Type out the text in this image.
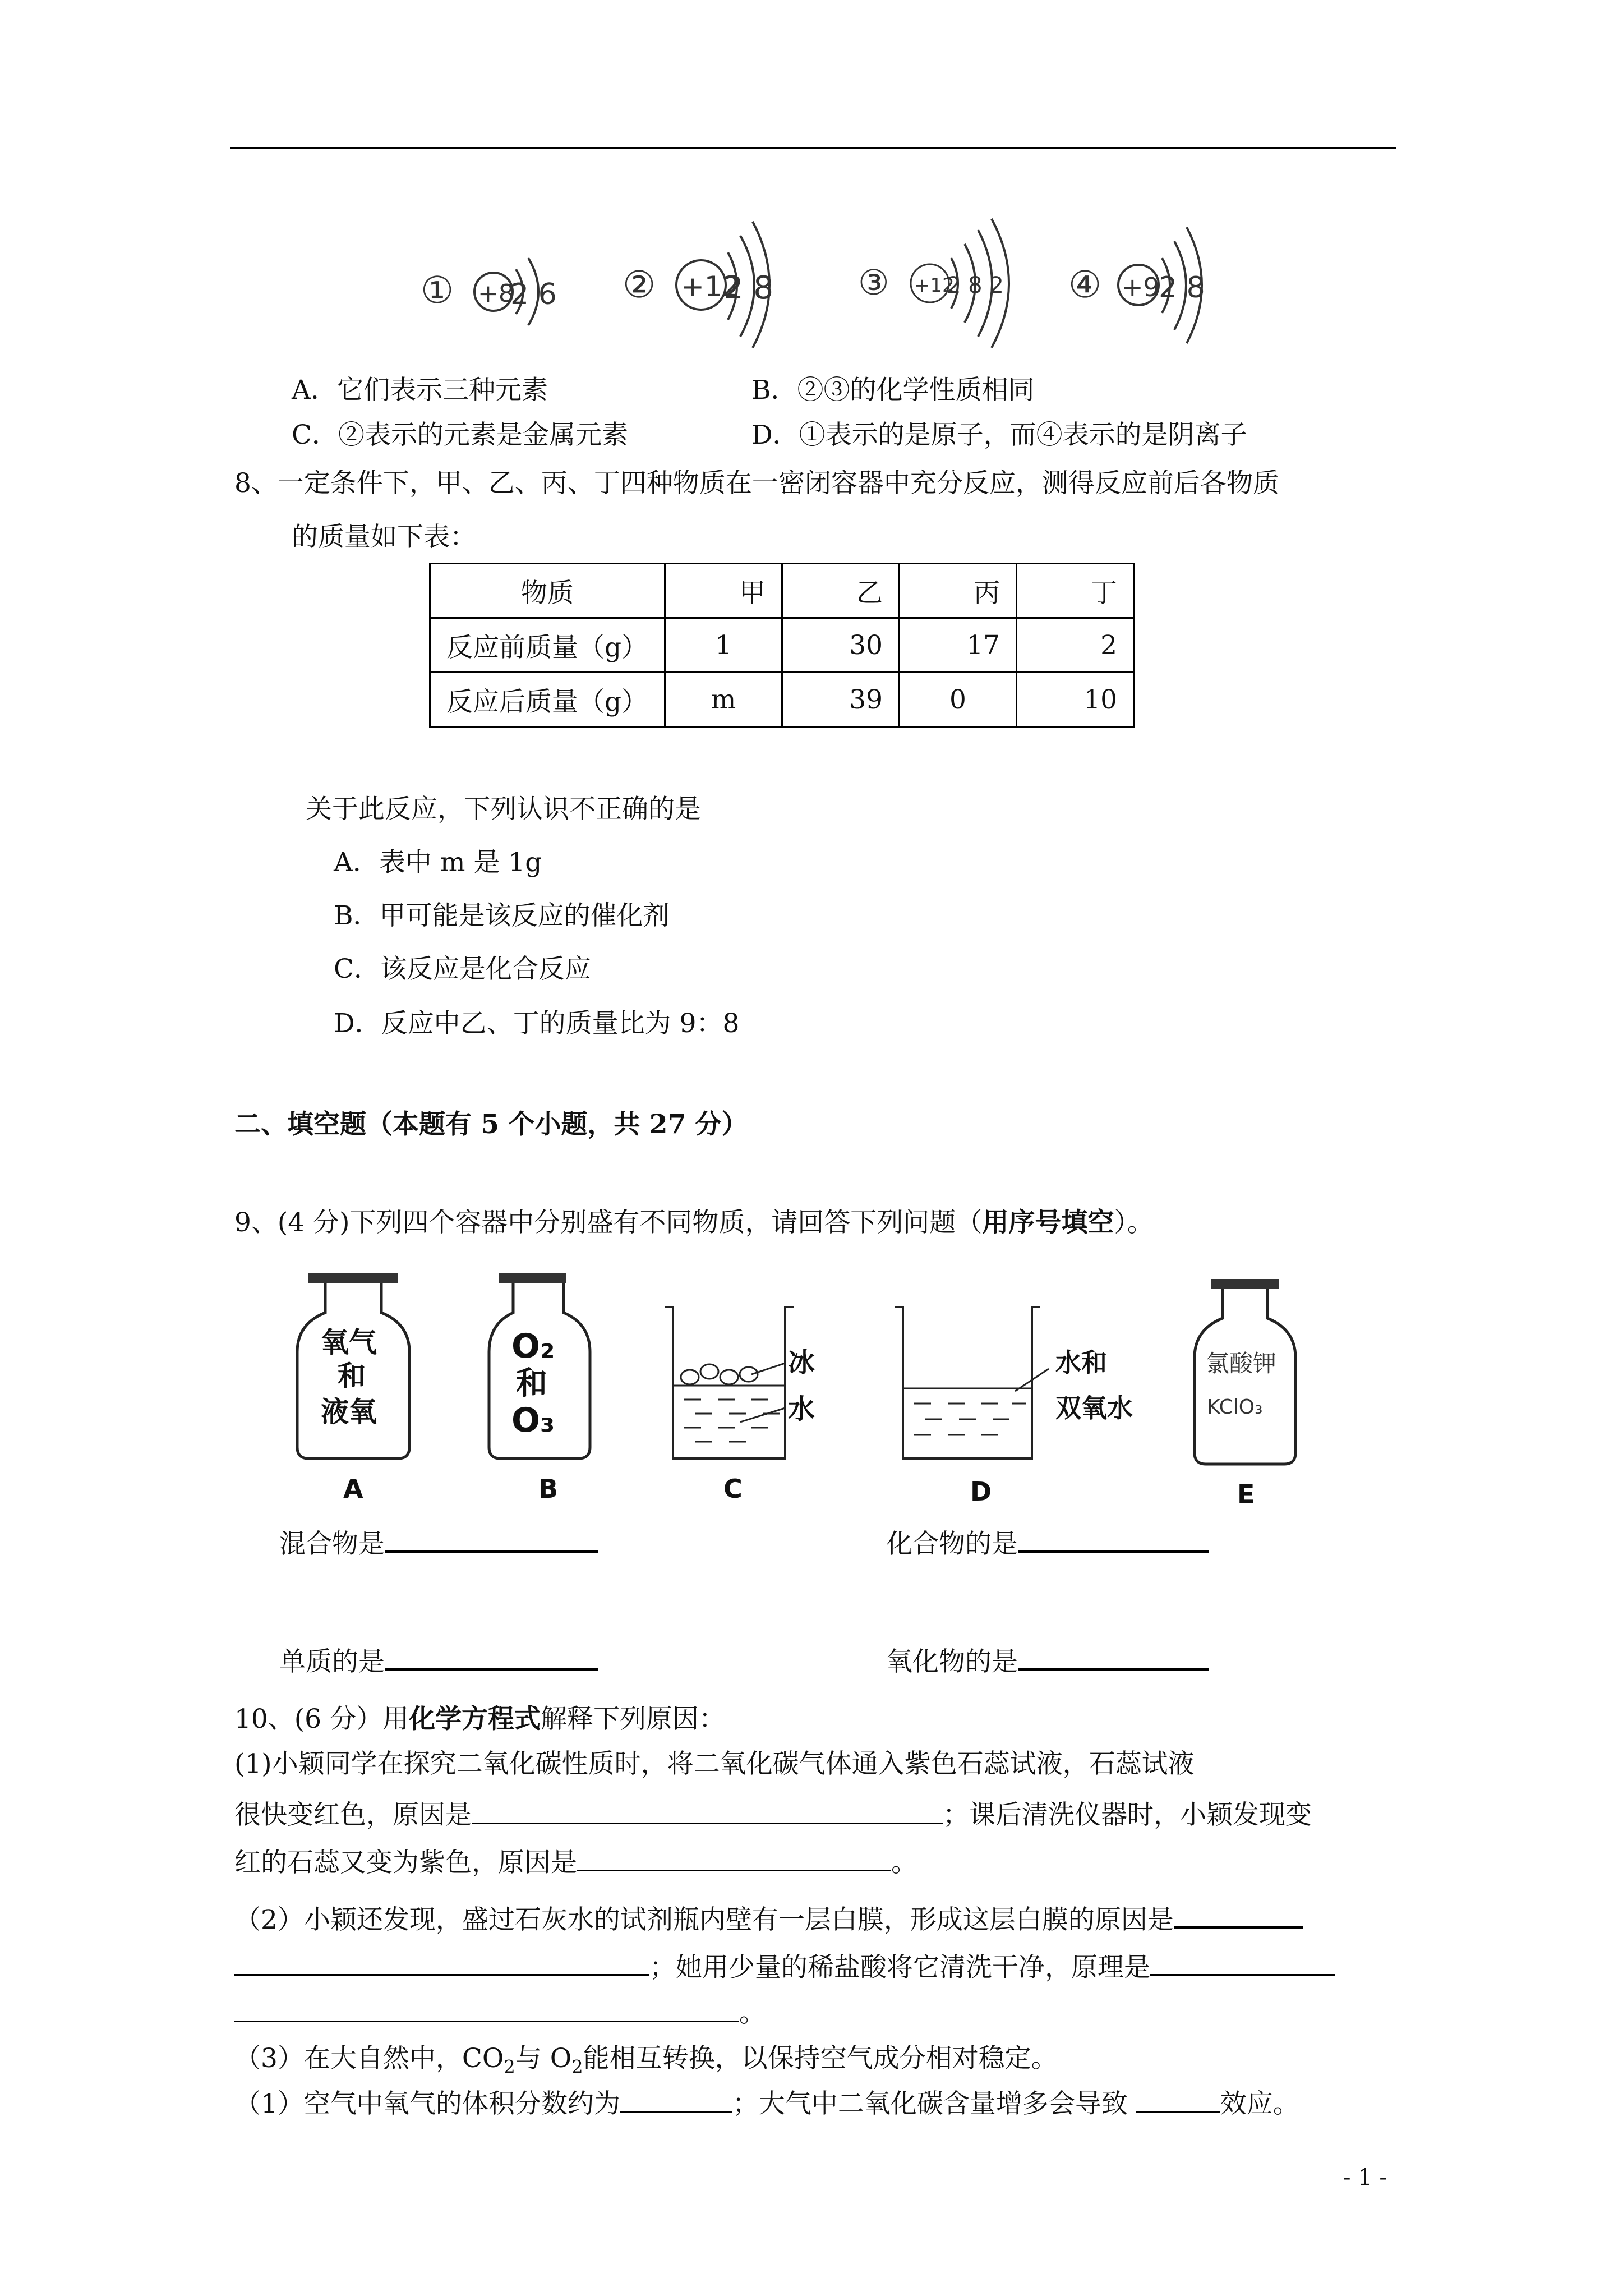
① +8
2 6 ② +12
2 8 ③ +12
2 8 2 ④ +9
2 8
A．它们表示三种元素	B．②③的化学性质相同
C．②表示的元素是金属元素	D．①表示的是原子，而④表示的是阴离子
8、一定条件下，甲、乙、丙、丁四种物质在一密闭容器中充分反应，测得反应前后各物质
的质量如下表：
物质	甲	乙	丙	丁
反应前质量（g）	1	30	17	2
反应后质量（g）	m	39	0	10
关于此反应，下列认识不正确的是
A．表中 m 是 1g
B．甲可能是该反应的催化剂
C．该反应是化合反应
D．反应中乙、丁的质量比为 9：8
二、填空题（本题有 5 个小题，共 27 分）
9、(4 分)下列四个容器中分别盛有不同物质，请回答下列问题（用序号填空）。
氧气
和
液氧
A
O₂
和
O₃
B
冰
水
C
水和
双氧水
D
氯酸钾
KClO₃
E
混合物是	化合物的是
单质的是	氧化物的是
10、(6 分）用化学方程式解释下列原因：
(1)小颖同学在探究二氧化碳性质时，将二氧化碳气体通入紫色石蕊试液，石蕊试液
很快变红色，原因是	；课后清洗仪器时，小颖发现变
红的石蕊又变为紫色，原因是	。
（2）小颖还发现，盛过石灰水的试剂瓶内壁有一层白膜，形成这层白膜的原因是
；她用少量的稀盐酸将它清洗干净，原理是
。
（3）在大自然中，$CO_2$与 $O_2$能相互转换，以保持空气成分相对稳定。
（1）空气中氧气的体积分数约为	；大气中二氧化碳含量增多会导致	效应。
- 1 -
